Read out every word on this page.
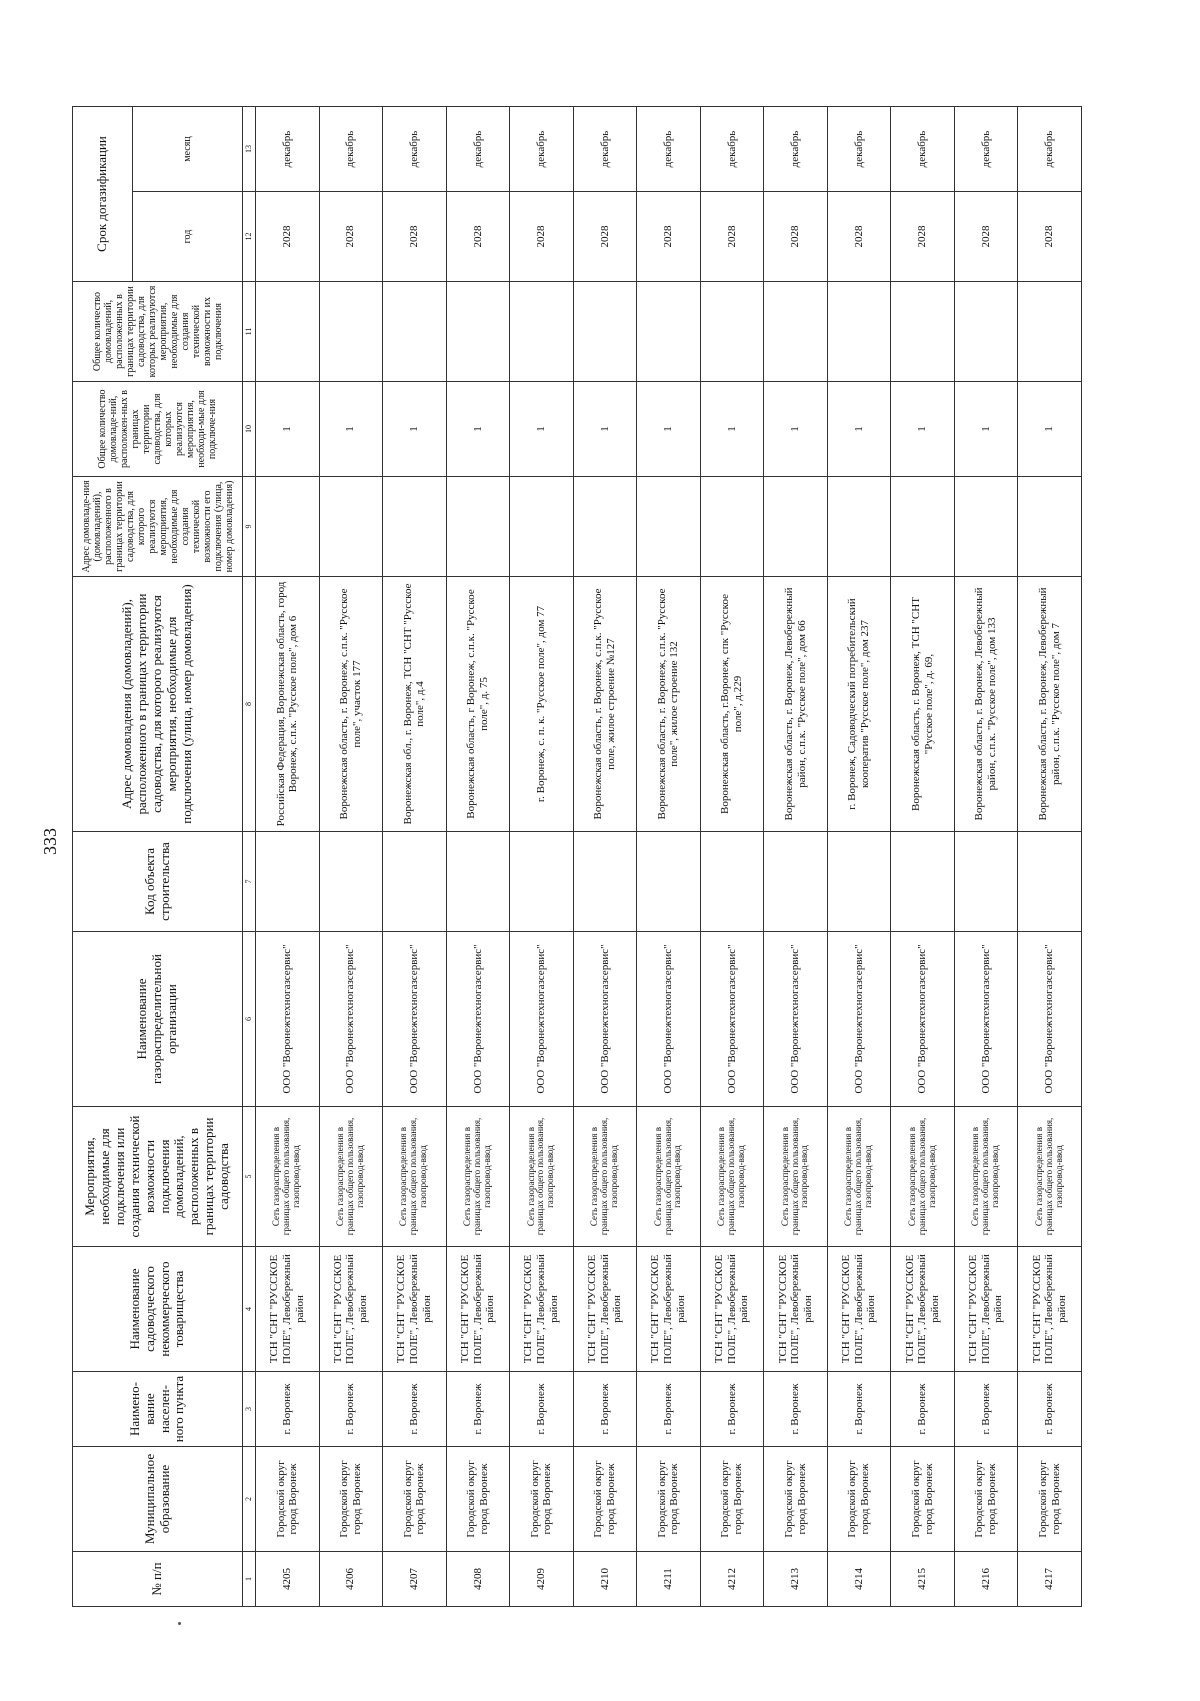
333
№ п/п	Муниципальное образование	Наимено-вание населен-ного пункта	Наименование садоводческого некоммерческого товарищества	Мероприятия, необходимые для подключения или создания технической возможности подключения домовладений, расположенных в границах территории садоводства	Наименование газораспределительной организации	Код объекта строительства	Адрес домовладения (домовладений), расположенного в границах территории садоводства, для которого реализуются мероприятия, необходимые для подключения (улица, номер домовладения)	Адрес домовладе-ния (домовладений), расположенного в границах территории садоводства, для которого реализуются мероприятия, необходимые для создания технической возможности его подключения (улица, номер домовладения)	Общее количество домовладе-ний, расположен-ных в границах территории садоводства, для которых реализуются мероприятия, необходи-мые для подключе-ния	Общее количество домовладений, расположенных в границах территории садоводства, для которых реализуются мероприятия, необходимые для создания технической возможности их подключения	Срок догазификации	
											год	месяц
1	2	3	4	5	6	7	8	9	10	11	12	13
4205	Городской округ город Воронеж	г. Воронеж	ТСН "СНТ "РУССКОЕ ПОЛЕ", Левобережный район	Сеть газораспределения в границах общего пользования, газопровод-ввод	ООО "Воронежтехногазсервис"		Российская Федерация, Воронежская область, город Воронеж, с.п.к. "Русское поле", дом 6		1		2028	декабрь
4206	Городской округ город Воронеж	г. Воронеж	ТСН "СНТ "РУССКОЕ ПОЛЕ", Левобережный район	Сеть газораспределения в границах общего пользования, газопровод-ввод	ООО "Воронежтехногазсервис"		Воронежская область, г. Воронеж, с.п.к. "Русское поле", участок 177		1		2028	декабрь
4207	Городской округ город Воронеж	г. Воронеж	ТСН "СНТ "РУССКОЕ ПОЛЕ", Левобережный район	Сеть газораспределения в границах общего пользования, газопровод-ввод	ООО "Воронежтехногазсервис"		Воронежская обл., г. Воронеж, ТСН "СНТ "Русское поле", д.4		1		2028	декабрь
4208	Городской округ город Воронеж	г. Воронеж	ТСН "СНТ "РУССКОЕ ПОЛЕ", Левобережный район	Сеть газораспределения в границах общего пользования, газопровод-ввод	ООО "Воронежтехногазсервис"		Воронежская область, г Воронеж, с.п.к. "Русское поле", д. 75		1		2028	декабрь
4209	Городской округ город Воронеж	г. Воронеж	ТСН "СНТ "РУССКОЕ ПОЛЕ", Левобережный район	Сеть газораспределения в границах общего пользования, газопровод-ввод	ООО "Воронежтехногазсервис"		г. Воронеж, с. п. к. "Русское поле", дом 77		1		2028	декабрь
4210	Городской округ город Воронеж	г. Воронеж	ТСН "СНТ "РУССКОЕ ПОЛЕ", Левобережный район	Сеть газораспределения в границах общего пользования, газопровод-ввод	ООО "Воронежтехногазсервис"		Воронежская область, г. Воронеж, с.п.к. "Русское поле, жилое строение №127		1		2028	декабрь
4211	Городской округ город Воронеж	г. Воронеж	ТСН "СНТ "РУССКОЕ ПОЛЕ", Левобережный район	Сеть газораспределения в границах общего пользования, газопровод-ввод	ООО "Воронежтехногазсервис"		Воронежская область, г. Воронеж, с.п.к. "Русское поле", жилое строение 132		1		2028	декабрь
4212	Городской округ город Воронеж	г. Воронеж	ТСН "СНТ "РУССКОЕ ПОЛЕ", Левобережный район	Сеть газораспределения в границах общего пользования, газопровод-ввод	ООО "Воронежтехногазсервис"		Воронежская область, г.Воронеж, спк "Русское поле", д.229		1		2028	декабрь
4213	Городской округ город Воронеж	г. Воронеж	ТСН "СНТ "РУССКОЕ ПОЛЕ", Левобережный район	Сеть газораспределения в границах общего пользования, газопровод-ввод	ООО "Воронежтехногазсервис"		Воронежская область, г. Воронеж, Левобережный район, с.п.к. "Русское поле", дом 66		1		2028	декабрь
4214	Городской округ город Воронеж	г. Воронеж	ТСН "СНТ "РУССКОЕ ПОЛЕ", Левобережный район	Сеть газораспределения в границах общего пользования, газопровод-ввод	ООО "Воронежтехногазсервис"		г. Воронеж, Садоводческий потребительский кооператив "Русское поле", дом 237		1		2028	декабрь
4215	Городской округ город Воронеж	г. Воронеж	ТСН "СНТ "РУССКОЕ ПОЛЕ", Левобережный район	Сеть газораспределения в границах общего пользования, газопровод-ввод	ООО "Воронежтехногазсервис"		Воронежская область, г. Воронеж, ТСН "СНТ "Русское поле", д. 69,		1		2028	декабрь
4216	Городской округ город Воронеж	г. Воронеж	ТСН "СНТ "РУССКОЕ ПОЛЕ", Левобережный район	Сеть газораспределения в границах общего пользования, газопровод-ввод	ООО "Воронежтехногазсервис"		Воронежская область, г. Воронеж, Левобережный район, с.п.к. "Русское поле", дом 133		1		2028	декабрь
4217	Городской округ город Воронеж	г. Воронеж	ТСН "СНТ "РУССКОЕ ПОЛЕ", Левобережный район	Сеть газораспределения в границах общего пользования, газопровод-ввод	ООО "Воронежтехногазсервис"		Воронежская область, г. Воронеж, Левобережный район, с.п.к. "Русское поле", дом 7		1		2028	декабрь
